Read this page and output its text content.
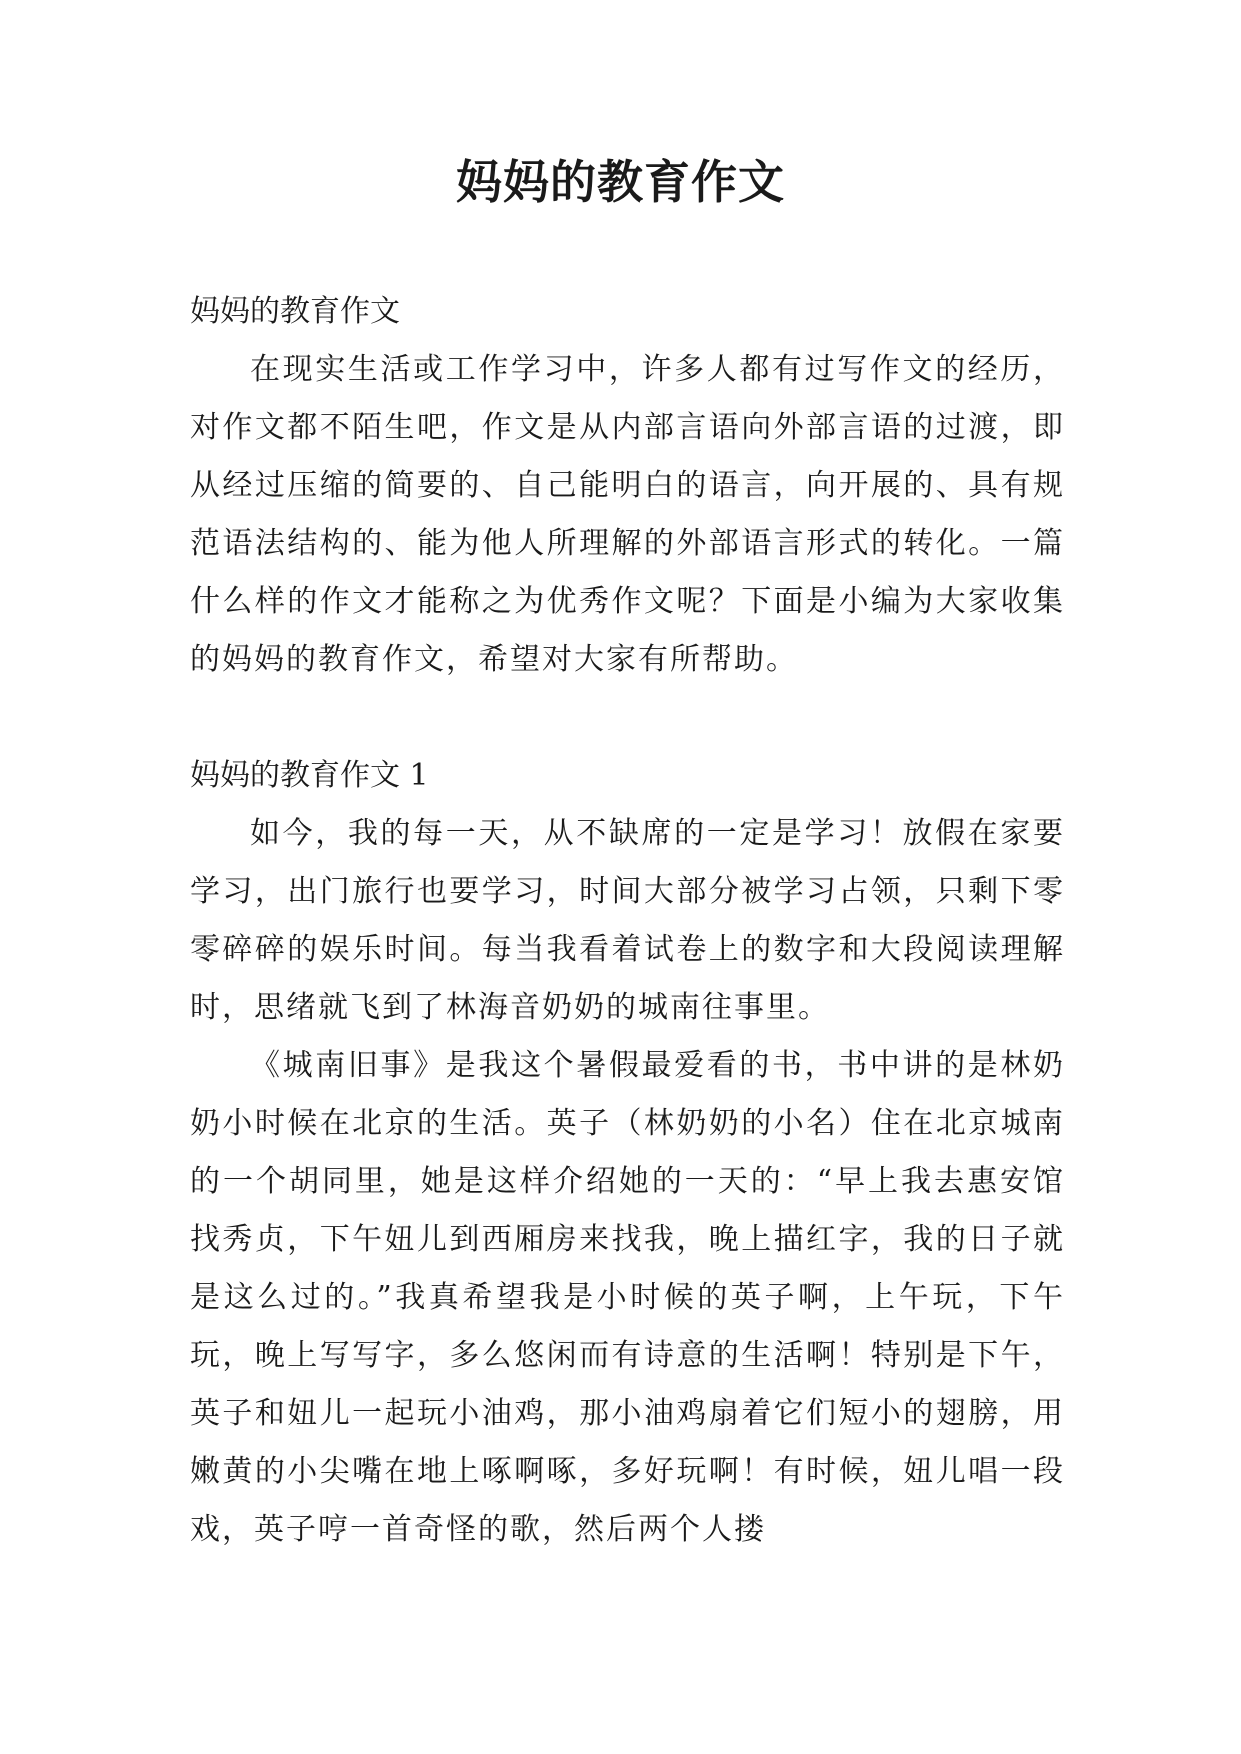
妈妈的教育作文

妈妈的教育作文

在现实生活或工作学习中，许多人都有过写作文的经历，对作文都不陌生吧，作文是从内部言语向外部言语的过渡，即从经过压缩的简要的、自己能明白的语言，向开展的、具有规范语法结构的、能为他人所理解的外部语言形式的转化。一篇什么样的作文才能称之为优秀作文呢？下面是小编为大家收集的妈妈的教育作文，希望对大家有所帮助。

妈妈的教育作文 1

如今，我的每一天，从不缺席的一定是学习！放假在家要学习，出门旅行也要学习，时间大部分被学习占领，只剩下零零碎碎的娱乐时间。每当我看着试卷上的数字和大段阅读理解时，思绪就飞到了林海音奶奶的城南往事里。

《城南旧事》是我这个暑假最爱看的书，书中讲的是林奶奶小时候在北京的生活。英子（林奶奶的小名）住在北京城南的一个胡同里，她是这样介绍她的一天的：“早上我去惠安馆找秀贞，下午妞儿到西厢房来找我，晚上描红字，我的日子就是这么过的。”我真希望我是小时候的英子啊，上午玩，下午玩，晚上写写字，多么悠闲而有诗意的生活啊！特别是下午，英子和妞儿一起玩小油鸡，那小油鸡扇着它们短小的翅膀，用嫩黄的小尖嘴在地上啄啊啄，多好玩啊！有时候，妞儿唱一段戏，英子哼一首奇怪的歌，然后两个人搂
